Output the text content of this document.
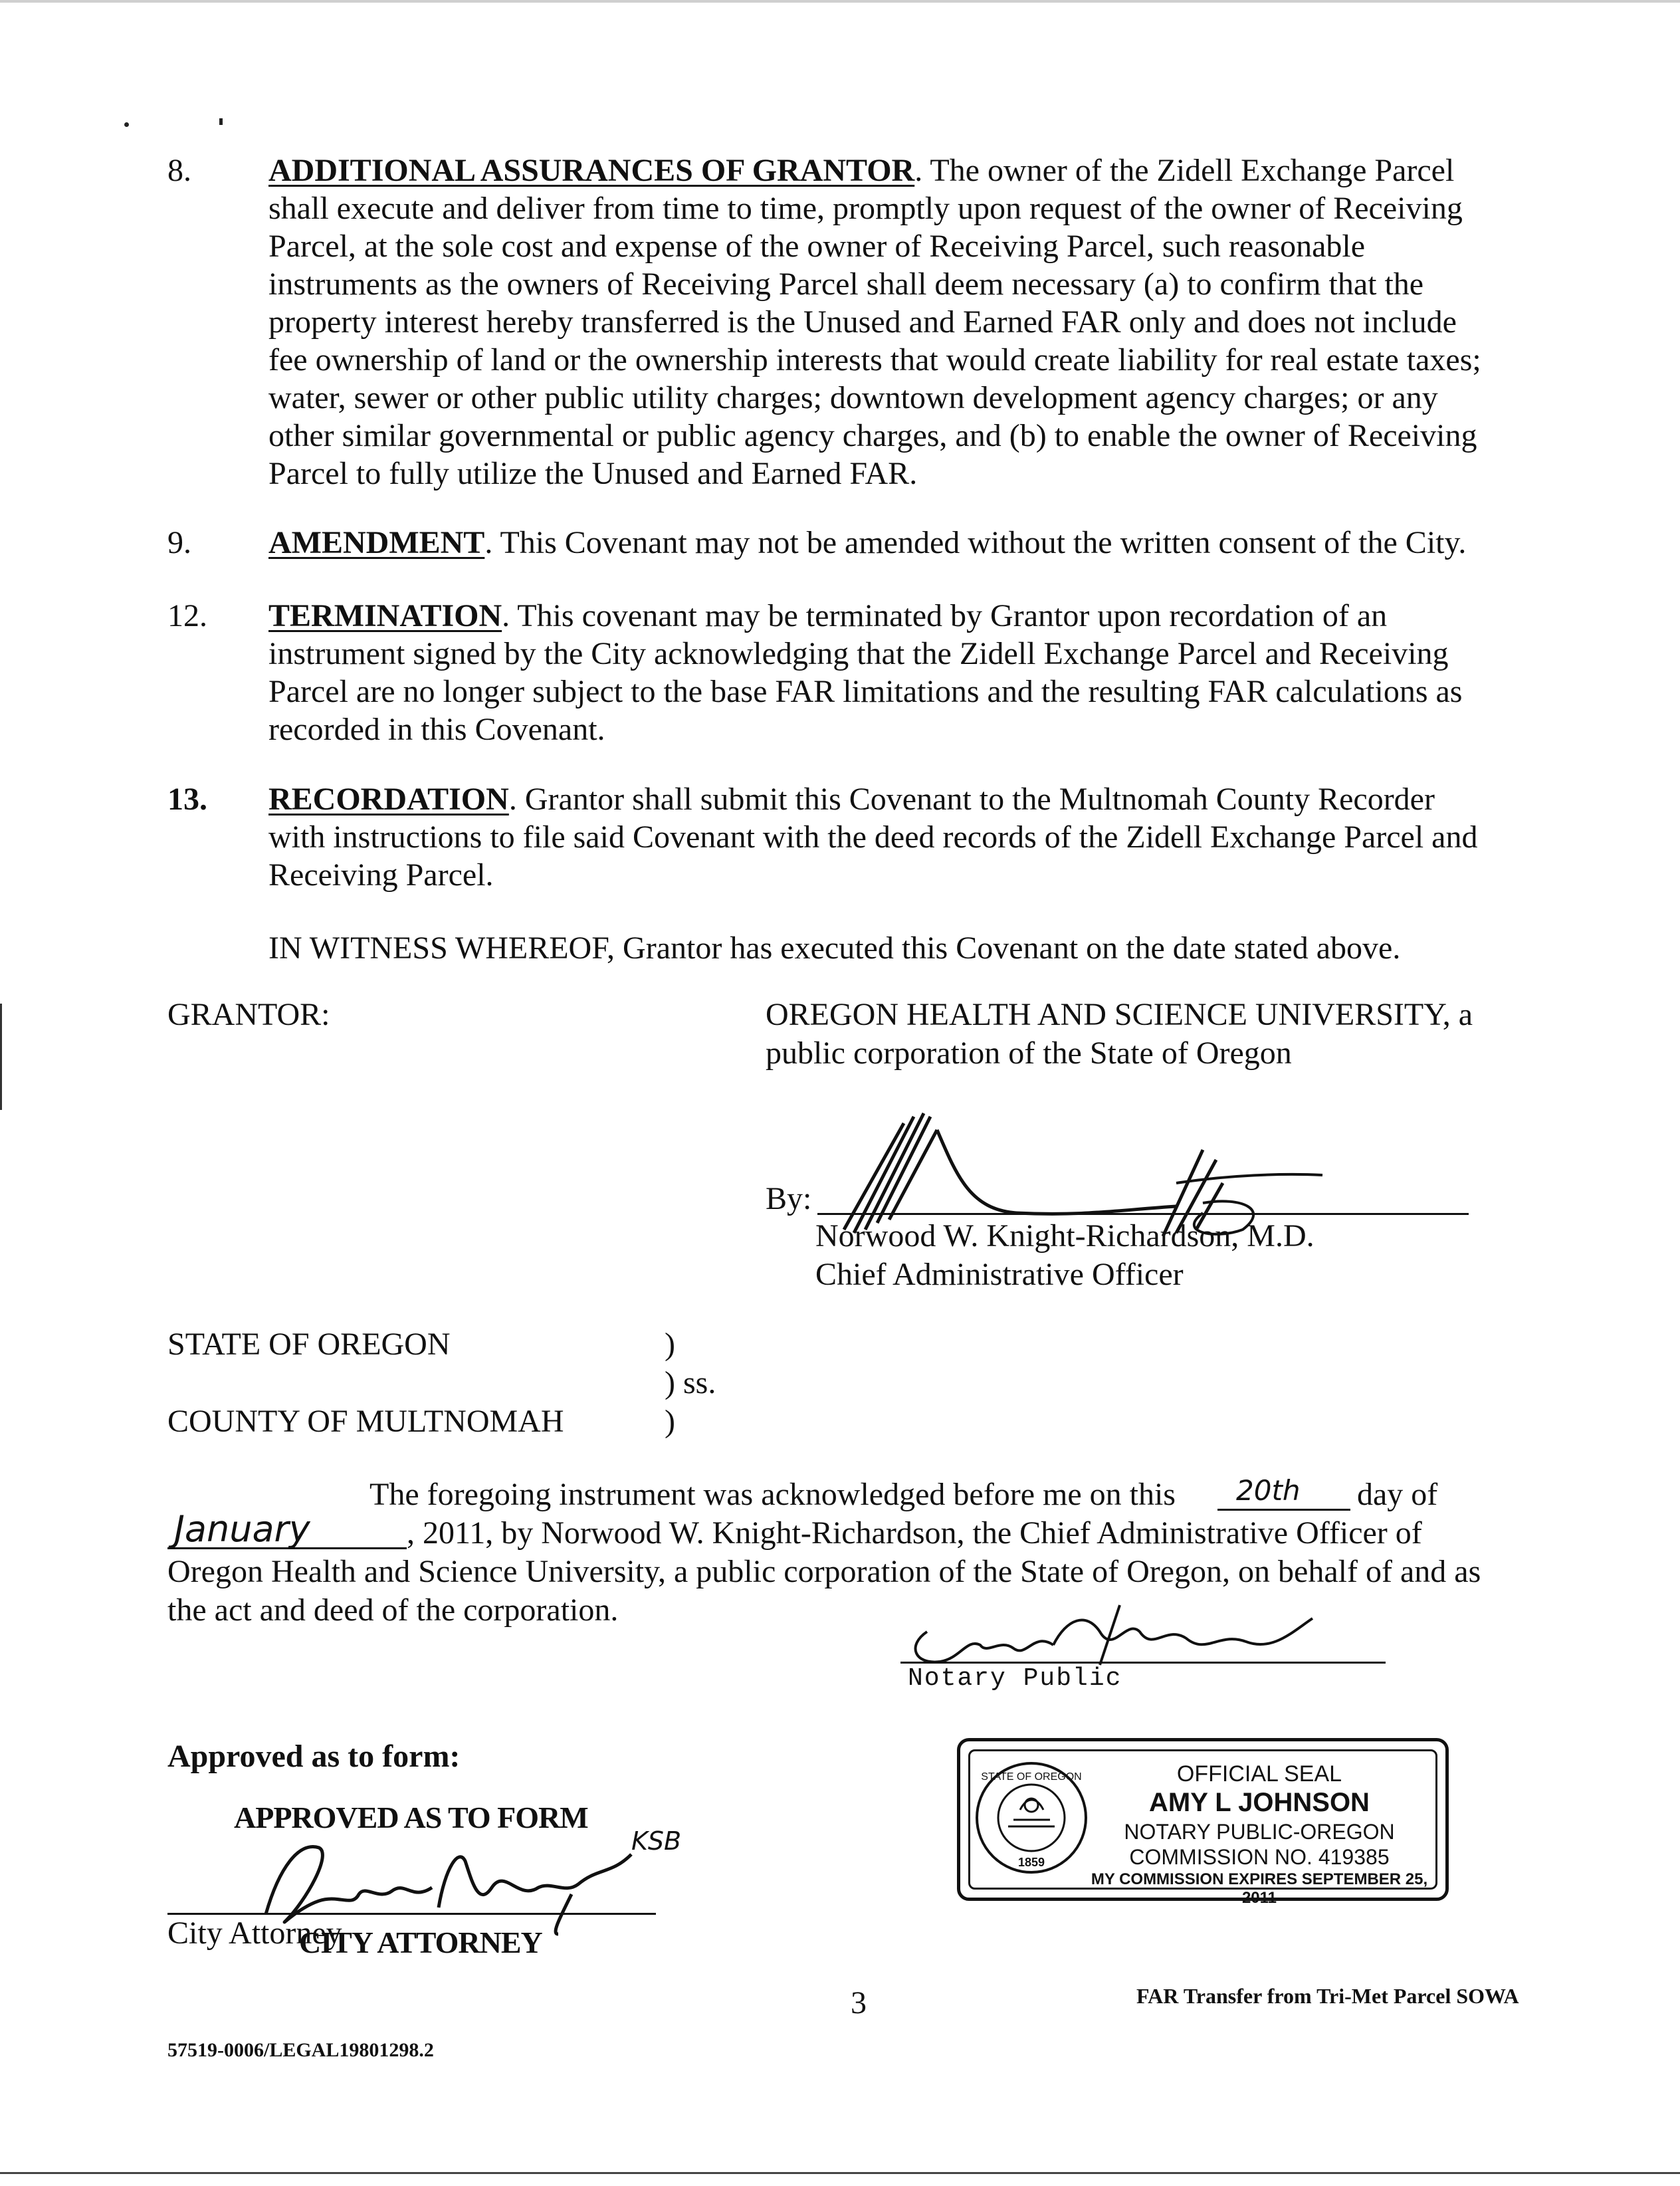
8. ADDITIONAL ASSURANCES OF GRANTOR. The owner of the Zidell Exchange Parcel
shall execute and deliver from time to time, promptly upon request of the owner of Receiving
Parcel, at the sole cost and expense of the owner of Receiving Parcel, such reasonable
instruments as the owners of Receiving Parcel shall deem necessary (a) to confirm that the
property interest hereby transferred is the Unused and Earned FAR only and does not include
fee ownership of land or the ownership interests that would create liability for real estate taxes;
water, sewer or other public utility charges; downtown development agency charges; or any
other similar governmental or public agency charges, and (b) to enable the owner of Receiving
Parcel to fully utilize the Unused and Earned FAR.
9. AMENDMENT. This Covenant may not be amended without the written consent of the City.
12. TERMINATION. This covenant may be terminated by Grantor upon recordation of an
instrument signed by the City acknowledging that the Zidell Exchange Parcel and Receiving
Parcel are no longer subject to the base FAR limitations and the resulting FAR calculations as
recorded in this Covenant.
13. RECORDATION. Grantor shall submit this Covenant to the Multnomah County Recorder
with instructions to file said Covenant with the deed records of the Zidell Exchange Parcel and
Receiving Parcel.
IN WITNESS WHEREOF, Grantor has executed this Covenant on the date stated above.
GRANTOR:	OREGON HEALTH AND SCIENCE UNIVERSITY, a
public corporation of the State of Oregon
By:
Norwood W. Knight-Richardson, M.D.
Chief Administrative Officer
STATE OF OREGON	)
) ss.
COUNTY OF MULTNOMAH	)
The foregoing instrument was acknowledged before me on this 20th day of
January	, 2011, by Norwood W. Knight-Richardson, the Chief Administrative Officer of
Oregon Health and Science University, a public corporation of the State of Oregon, on behalf of and as
the act and deed of the corporation.
Notary Public
STATE OF OREGON
1859
OFFICIAL SEAL
AMY L JOHNSON
NOTARY PUBLIC-OREGON
COMMISSION NO. 419385
MY COMMISSION EXPIRES SEPTEMBER 25, 2011
Approved as to form:
APPROVED AS TO FORM
KSB
City Attorney
CITY ATTORNEY
3	FAR Transfer from Tri-Met Parcel SOWA
57519-0006/LEGAL19801298.2
